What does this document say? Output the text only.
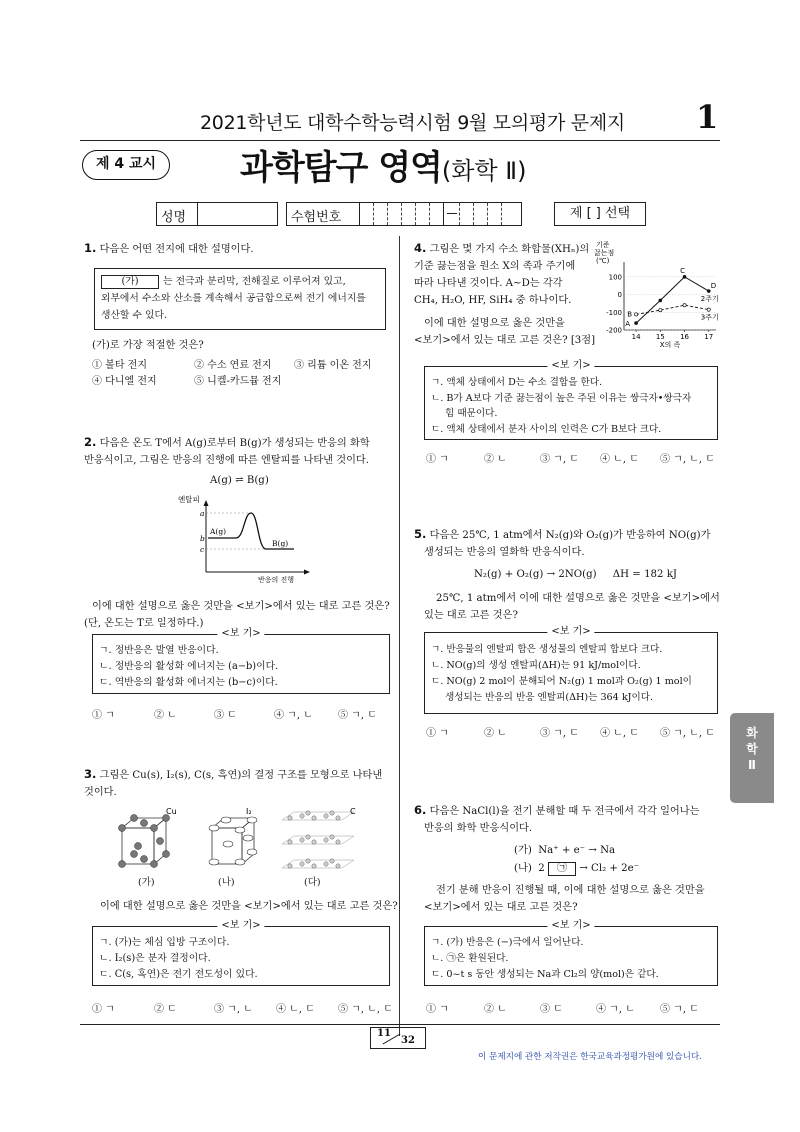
2021학년도 대학수학능력시험 9월 모의평가 문제지 1
제 4 교시	과학탐구 영역(화학 Ⅱ)
성명	수험번호	제 [ ] 선택
1. 다음은 어떤 전지에 대한 설명이다.
(가) 는 전극과 분리막, 전해질로 이루어져 있고,
외부에서 수소와 산소를 계속해서 공급함으로써 전기 에너지를
생산할 수 있다.
(가)로 가장 적절한 것은?
① 볼타 전지	② 수소 연료 전지 ③ 리튬 이온 전지
④ 다니엘 전지	⑤ 니켈-카드뮴 전지
2. 다음은 온도 T에서 A(g)로부터 B(g)가 생성되는 반응의 화학
반응식이고, 그림은 반응의 진행에 따른 엔탈피를 나타낸 것이다.
A(g) ⇌ B(g)
엔탈피
a
b
c
A(g)
B(g)
반응의 진행
이에 대한 설명으로 옳은 것만을 <보기>에서 있는 대로 고른 것은?
(단, 온도는 T로 일정하다.)
<보 기>
ㄱ. 정반응은 발열 반응이다.
ㄴ. 정반응의 활성화 에너지는 (a−b)이다.
ㄷ. 역반응의 활성화 에너지는 (b−c)이다.
① ㄱ	② ㄴ	③ ㄷ	④ ㄱ, ㄴ	⑤ ㄱ, ㄷ
3. 그림은 Cu(s), I₂(s), C(s, 흑연)의 결정 구조를 모형으로 나타낸
것이다.
Cu	I₂	C
(가)	(나)	(다)
이에 대한 설명으로 옳은 것만을 <보기>에서 있는 대로 고른 것은?
<보 기>
ㄱ. (가)는 체심 입방 구조이다.
ㄴ. I₂(s)은 분자 결정이다.
ㄷ. C(s, 흑연)은 전기 전도성이 있다.
① ㄱ	② ㄷ	③ ㄱ, ㄴ ④ ㄴ, ㄷ ⑤ ㄱ, ㄴ, ㄷ
4. 그림은 몇 가지 수소 화합물(XHₙ)의
기준 끓는점을 원소 X의 족과 주기에
따라 나타낸 것이다. A~D는 각각
CH₄, H₂O, HF, SiH₄ 중 하나이다.
이에 대한 설명으로 옳은 것만을
<보기>에서 있는 대로 고른 것은? [3점]
기준
끓는점
(℃)
-200
-100
0
100
14 15 16 17
X의 족
A
B
C
D
2주기
3주기
<보 기>
ㄱ. 액체 상태에서 D는 수소 결합을 한다.
ㄴ. B가 A보다 기준 끓는점이 높은 주된 이유는 쌍극자•쌍극자
힘 때문이다.
ㄷ. 액체 상태에서 분자 사이의 인력은 C가 B보다 크다.
① ㄱ	② ㄴ	③ ㄱ, ㄷ ④ ㄴ, ㄷ ⑤ ㄱ, ㄴ, ㄷ
5. 다음은 25℃, 1 atm에서 N₂(g)와 O₂(g)가 반응하여 NO(g)가
생성되는 반응의 열화학 반응식이다.
N₂(g) + O₂(g) → 2NO(g)     ΔH = 182 kJ
25℃, 1 atm에서 이에 대한 설명으로 옳은 것만을 <보기>에서
있는 대로 고른 것은?
<보 기>
ㄱ. 반응물의 엔탈피 합은 생성물의 엔탈피 합보다 크다.
ㄴ. NO(g)의 생성 엔탈피(ΔH)는 91 kJ/mol이다.
ㄷ. NO(g) 2 mol이 분해되어 N₂(g) 1 mol과 O₂(g) 1 mol이
생성되는 반응의 반응 엔탈피(ΔH)는 364 kJ이다.
① ㄱ	② ㄴ	③ ㄱ, ㄷ ④ ㄴ, ㄷ ⑤ ㄱ, ㄴ, ㄷ
6. 다음은 NaCl(l)을 전기 분해할 때 두 전극에서 각각 일어나는
반응의 화학 반응식이다.
(가)  Na⁺ + e⁻ → Na
(나)  2 ㉠ → Cl₂ + 2e⁻
전기 분해 반응이 진행될 때, 이에 대한 설명으로 옳은 것만을
<보기>에서 있는 대로 고른 것은?
<보 기>
ㄱ. (가) 반응은 (−)극에서 일어난다.
ㄴ. ㉠은 환원된다.
ㄷ. 0~t s 동안 생성되는 Na과 Cl₂의 양(mol)은 같다.
① ㄱ	② ㄴ	③ ㄷ	④ ㄱ, ㄴ	⑤ ㄱ, ㄷ
화
학
Ⅱ
11
32
이 문제지에 관한 저작권은 한국교육과정평가원에 있습니다.
